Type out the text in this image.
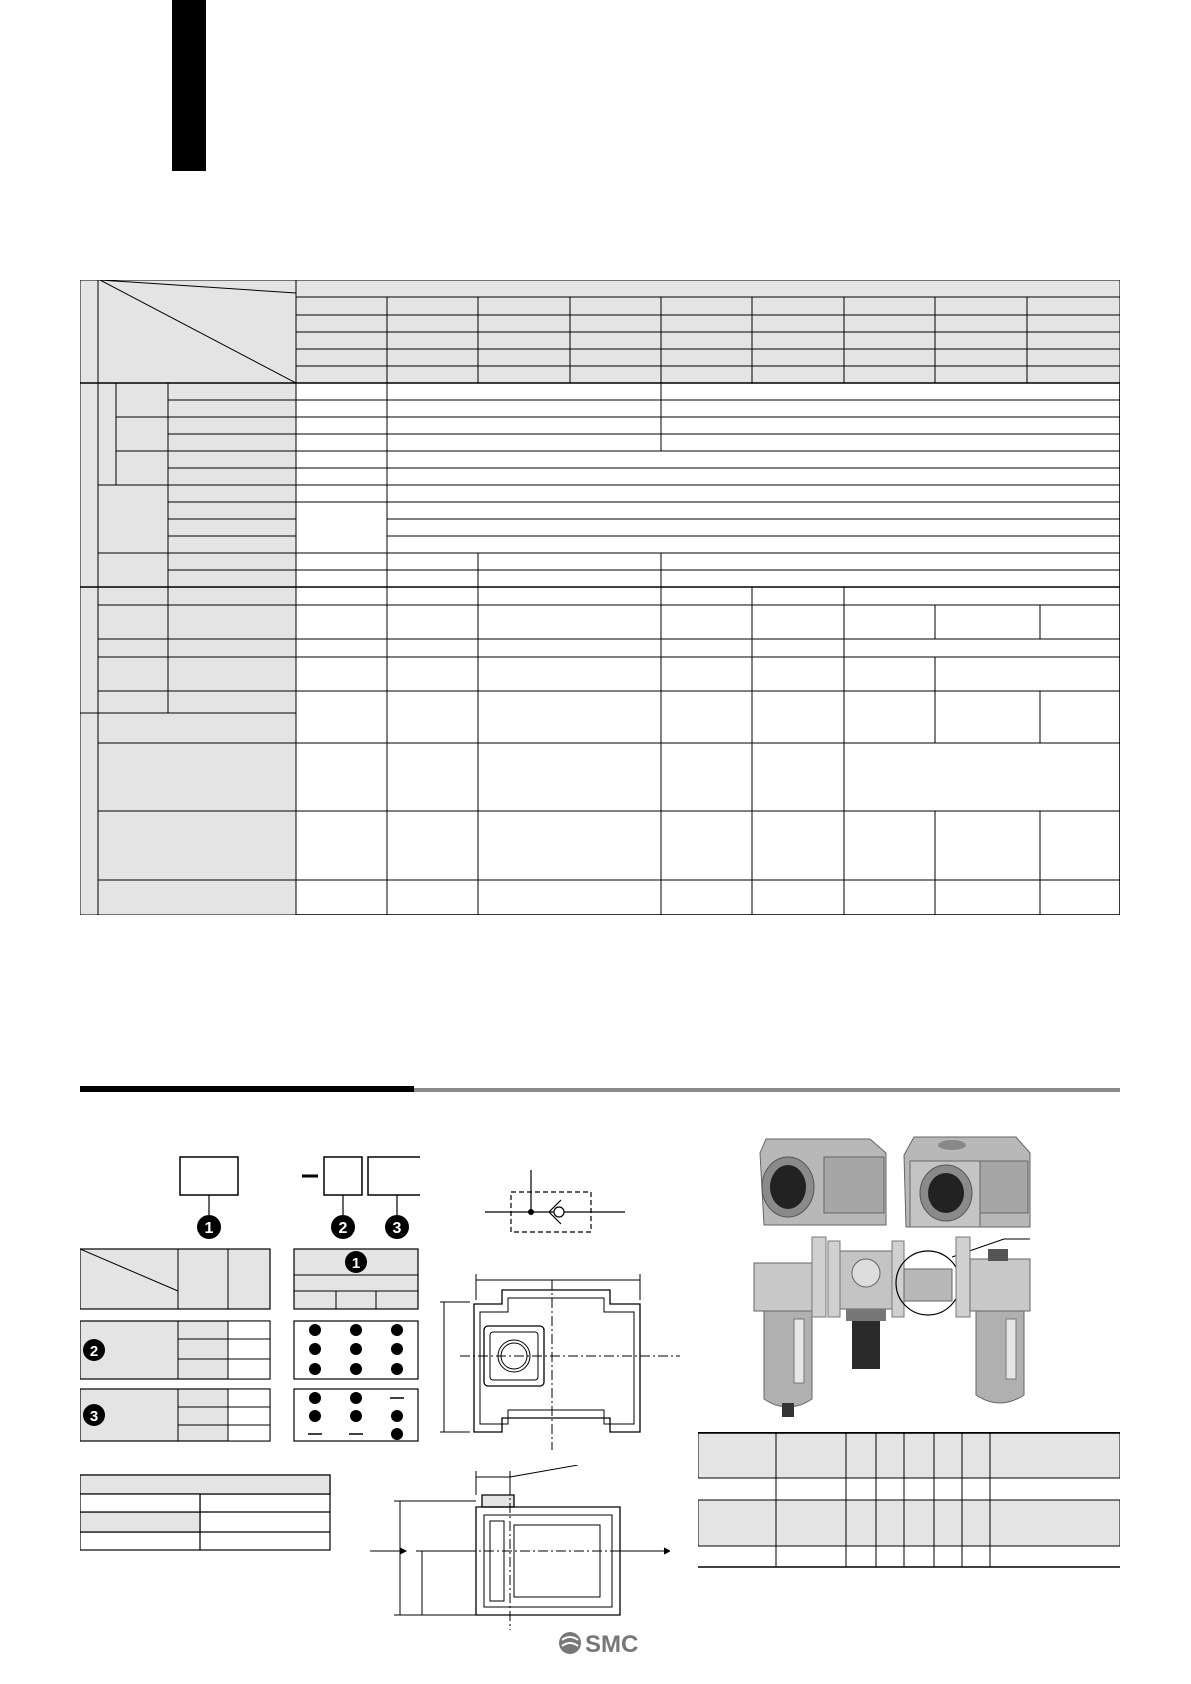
1	2	3
2
3
1
SMC
